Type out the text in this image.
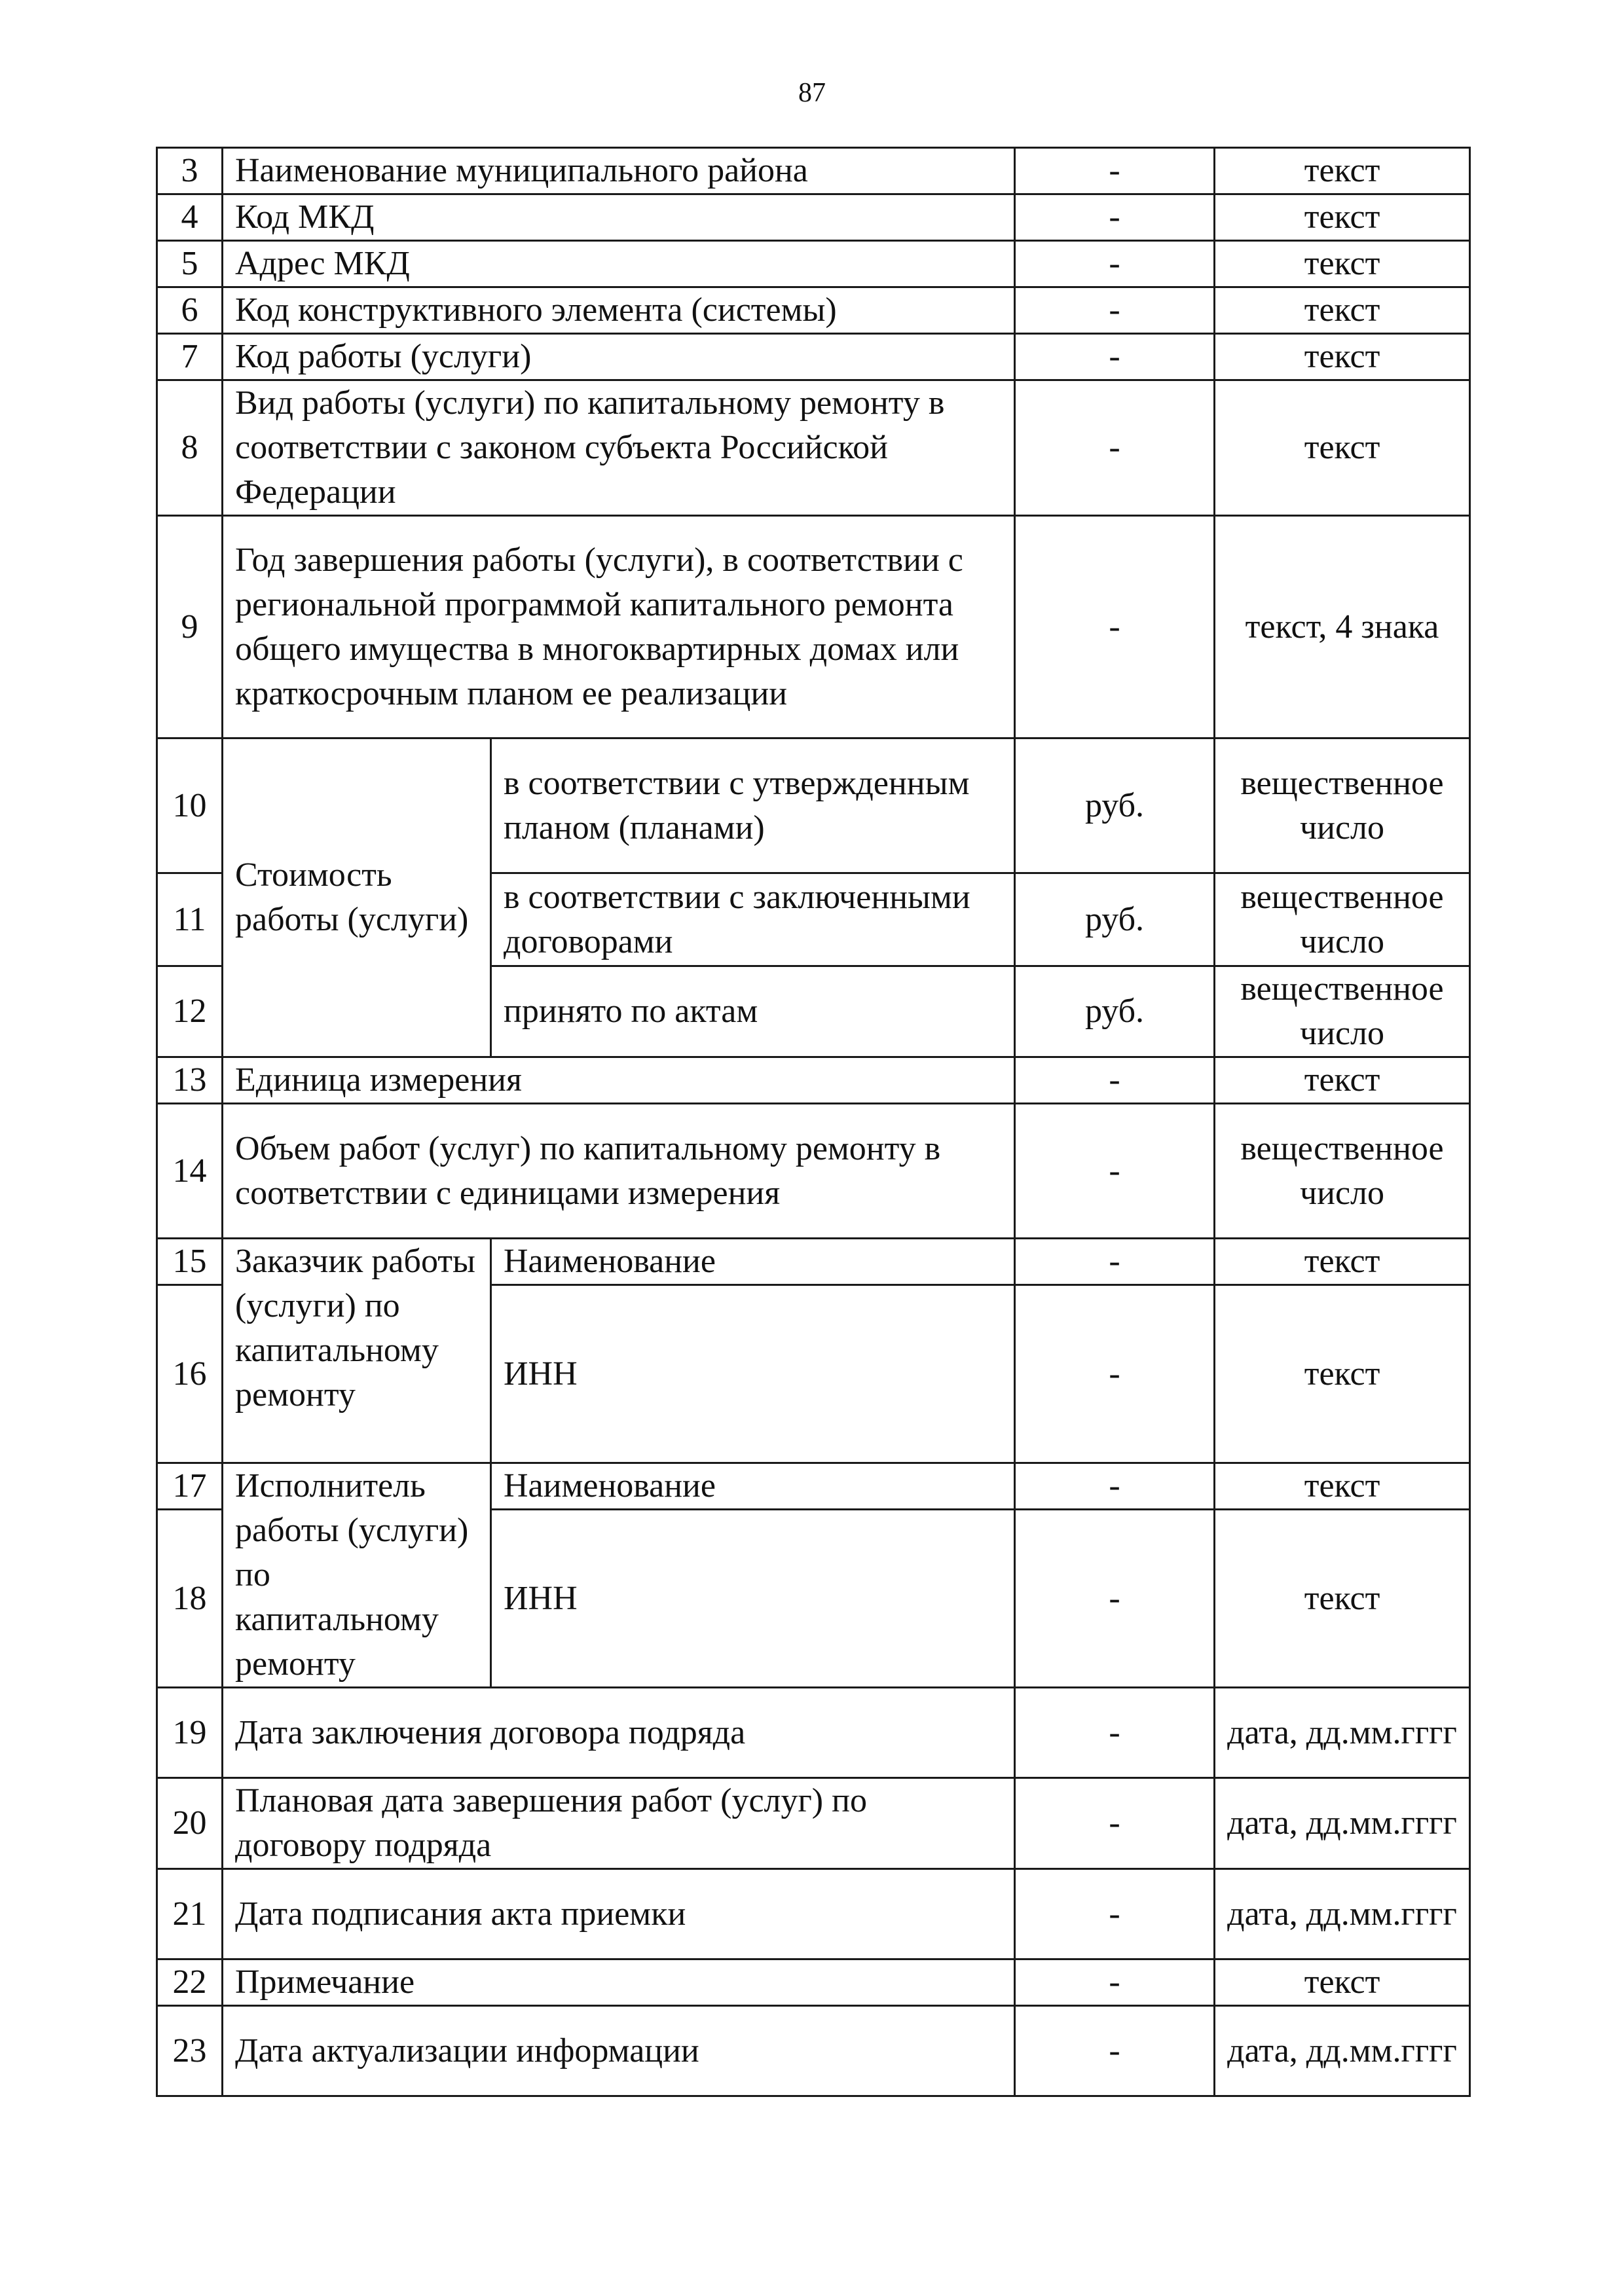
87
3	Наименование муниципального района		-	текст
4	Код МКД		-	текст
5	Адрес МКД		-	текст
6	Код конструктивного элемента (системы)		-	текст
7	Код работы (услуги)		-	текст
8	Вид работы (услуги) по капитальному ремонту в соответствии с законом субъекта Российской Федерации		-	текст
9	Год завершения работы (услуги), в соответствии с региональной программой капитального ремонта общего имущества в многоквартирных домах или краткосрочным планом ее реализации		-	текст, 4 знака
10	Стоимость работы (услуги)	в соответствии с утвержденным планом (планами)	руб.	вещественное число
11		в соответствии с заключенными договорами	руб.	вещественное число
12		принято по актам	руб.	вещественное число
13	Единица измерения		-	текст
14	Объем работ (услуг) по капитальному ремонту в соответствии с единицами измерения		-	вещественное число
15	Заказчик работы (услуги) по капитальному ремонту	Наименование	-	текст
16		ИНН	-	текст
17	Исполнитель работы (услуги) по капитальному ремонту	Наименование	-	текст
18		ИНН	-	текст
19	Дата заключения договора подряда		-	дата, дд.мм.гггг
20	Плановая дата завершения работ (услуг) по договору подряда		-	дата, дд.мм.гггг
21	Дата подписания акта приемки		-	дата, дд.мм.гггг
22	Примечание		-	текст
23	Дата актуализации информации		-	дата, дд.мм.гггг
